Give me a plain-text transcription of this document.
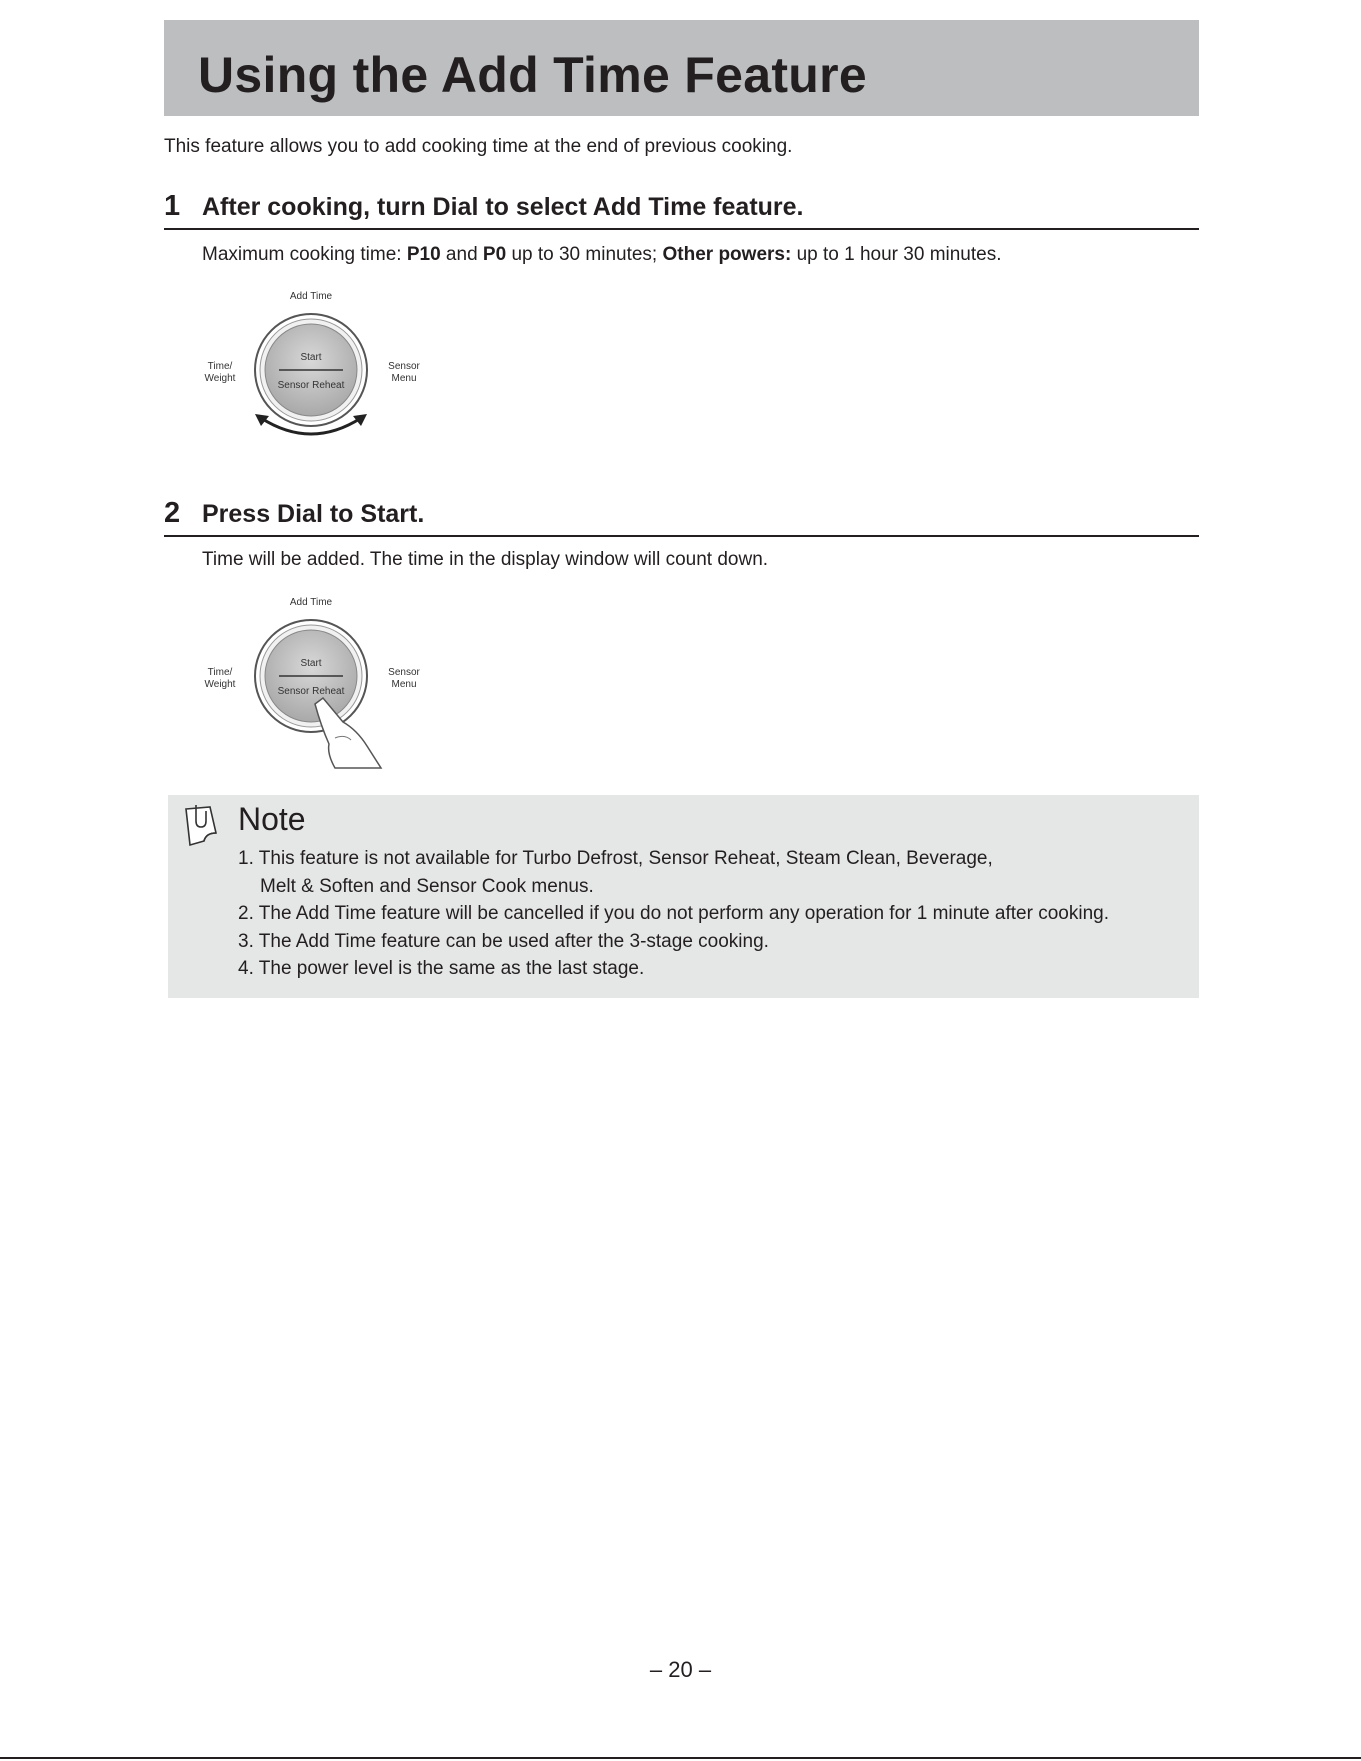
Using the Add Time Feature
This feature allows you to add cooking time at the end of previous cooking.
1 After cooking, turn Dial to select Add Time feature.
Maximum cooking time: P10 and P0 up to 30 minutes; Other powers: up to 1 hour 30 minutes.
Add Time
Time/
Weight
Sensor
Menu
Start
Sensor Reheat
2 Press Dial to Start.
Time will be added. The time in the display window will count down.
Add Time
Time/
Weight
Sensor
Menu
Start
Sensor Reheat
Note
1. This feature is not available for Turbo Defrost, Sensor Reheat, Steam Clean, Beverage,
Melt & Soften and Sensor Cook menus.
2. The Add Time feature will be cancelled if you do not perform any operation for 1 minute after cooking.
3. The Add Time feature can be used after the 3-stage cooking.
4. The power level is the same as the last stage.
– 20 –
